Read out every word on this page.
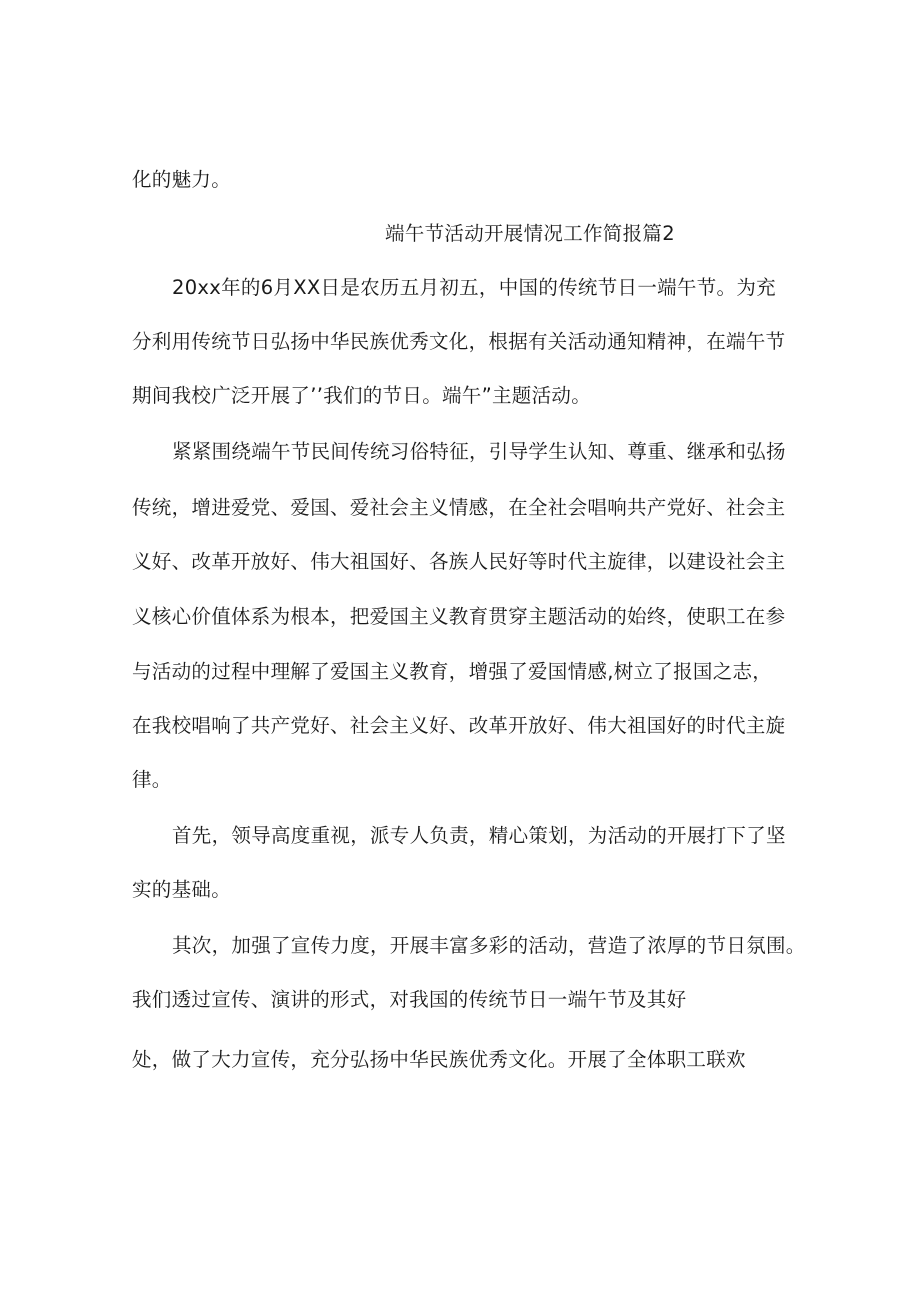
化的魅力。
端午节活动开展情况工作简报篇2
20xx年的6月XX日是农历五月初五，中国的传统节日一端午节。为充
分利用传统节日弘扬中华民族优秀文化，根据有关活动通知精神，在端午节
期间我校广泛开展了’’我们的节日。端午”主题活动。
紧紧围绕端午节民间传统习俗特征，引导学生认知、尊重、继承和弘扬
传统，增进爱党、爱国、爱社会主义情感，在全社会唱响共产党好、社会主
义好、改革开放好、伟大祖国好、各族人民好等时代主旋律，以建设社会主
义核心价值体系为根本，把爱国主义教育贯穿主题活动的始终，使职工在参
与活动的过程中理解了爱国主义教育，增强了爱国情感,树立了报国之志，
在我校唱响了共产党好、社会主义好、改革开放好、伟大祖国好的时代主旋
律。
首先，领导高度重视，派专人负责，精心策划，为活动的开展打下了坚
实的基础。
其次，加强了宣传力度，开展丰富多彩的活动，营造了浓厚的节日氛围。
我们透过宣传、演讲的形式，对我国的传统节日一端午节及其好
处，做了大力宣传，充分弘扬中华民族优秀文化。开展了全体职工联欢
